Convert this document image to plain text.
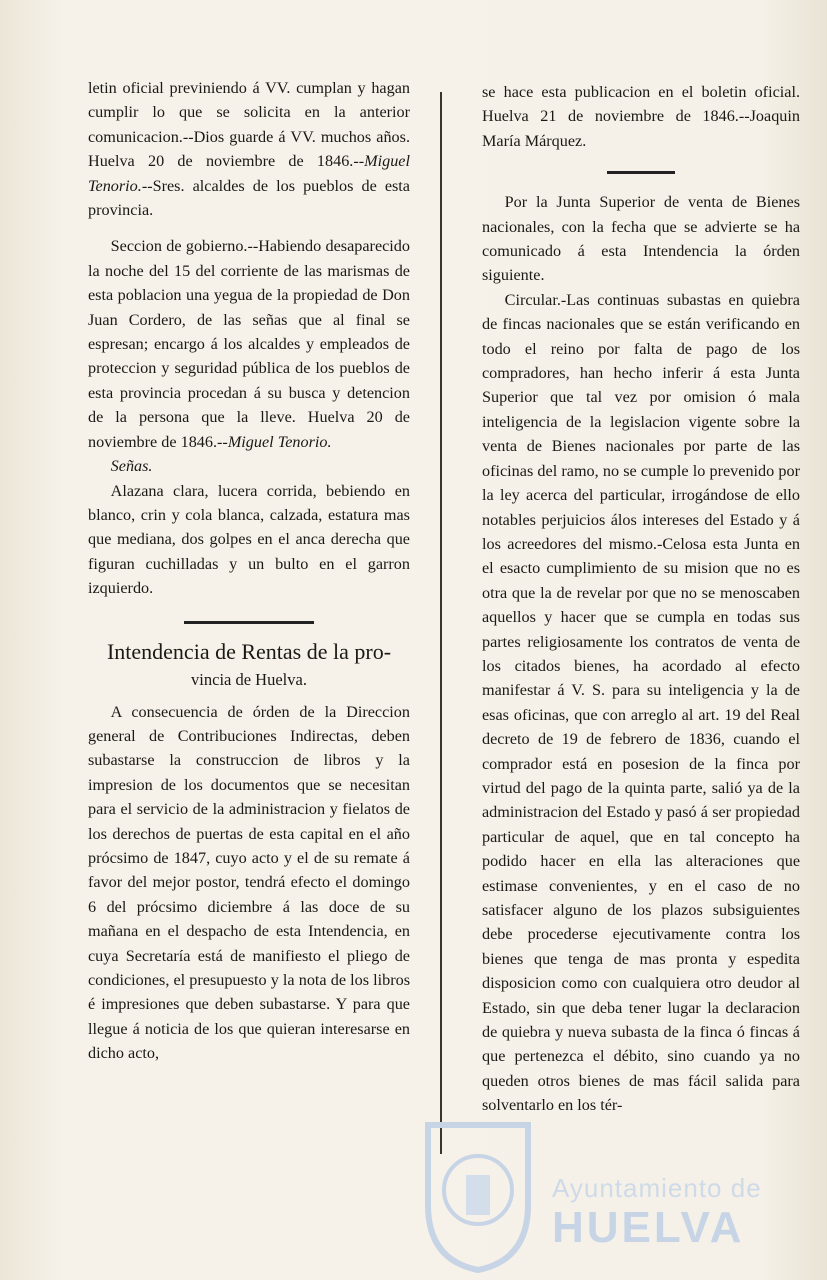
letin oficial previniendo á VV. cumplan y hagan cumplir lo que se solicita en la anterior comunicacion.--Dios guarde á VV. muchos años. Huelva 20 de noviembre de 1846.--Miguel Tenorio.--Sres. alcaldes de los pueblos de esta provincia.

Seccion de gobierno.--Habiendo desaparecido la noche del 15 del corriente de las marismas de esta poblacion una yegua de la propiedad de Don Juan Cordero, de las señas que al final se espresan; encargo á los alcaldes y empleados de proteccion y seguridad pública de los pueblos de esta provincia procedan á su busca y detencion de la persona que la lleve. Huelva 20 de noviembre de 1846.--Miguel Tenorio.

Señas.

Alazana clara, lucera corrida, bebiendo en blanco, crin y cola blanca, calzada, estatura mas que mediana, dos golpes en el anca derecha que figuran cuchilladas y un bulto en el garron izquierdo.

Intendencia de Rentas de la pro-
vincia de Huelva.

A consecuencia de órden de la Direccion general de Contribuciones Indirectas, deben subastarse la construccion de libros y la impresion de los documentos que se necesitan para el servicio de la administracion y fielatos de los derechos de puertas de esta capital en el año prócsimo de 1847, cuyo acto y el de su remate á favor del mejor postor, tendrá efecto el domingo 6 del prócsimo diciembre á las doce de su mañana en el despacho de esta Intendencia, en cuya Secretaría está de manifiesto el pliego de condiciones, el presupuesto y la nota de los libros é impresiones que deben subastarse. Y para que llegue á noticia de los que quieran interesarse en dicho acto,

se hace esta publicacion en el boletin oficial. Huelva 21 de noviembre de 1846.--Joaquin María Márquez.

Por la Junta Superior de venta de Bienes nacionales, con la fecha que se advierte se ha comunicado á esta Intendencia la órden siguiente.

Circular.-Las continuas subastas en quiebra de fincas nacionales que se están verificando en todo el reino por falta de pago de los compradores, han hecho inferir á esta Junta Superior que tal vez por omision ó mala inteligencia de la legislacion vigente sobre la venta de Bienes nacionales por parte de las oficinas del ramo, no se cumple lo prevenido por la ley acerca del particular, irrogándose de ello notables perjuicios álos intereses del Estado y á los acreedores del mismo.-Celosa esta Junta en el esacto cumplimiento de su mision que no es otra que la de revelar por que no se menoscaben aquellos y hacer que se cumpla en todas sus partes religiosamente los contratos de venta de los citados bienes, ha acordado al efecto manifestar á V. S. para su inteligencia y la de esas oficinas, que con arreglo al art. 19 del Real decreto de 19 de febrero de 1836, cuando el comprador está en posesion de la finca por virtud del pago de la quinta parte, salió ya de la administracion del Estado y pasó á ser propiedad particular de aquel, que en tal concepto ha podido hacer en ella las alteraciones que estimase convenientes, y en el caso de no satisfacer alguno de los plazos subsiguientes debe procederse ejecutivamente contra los bienes que tenga de mas pronta y espedita disposicion como con cualquiera otro deudor al Estado, sin que deba tener lugar la declaracion de quiebra y nueva subasta de la finca ó fincas á que pertenezca el débito, sino cuando ya no queden otros bienes de mas fácil salida para solventarlo en los tér-

Ayuntamiento de
HUELVA
